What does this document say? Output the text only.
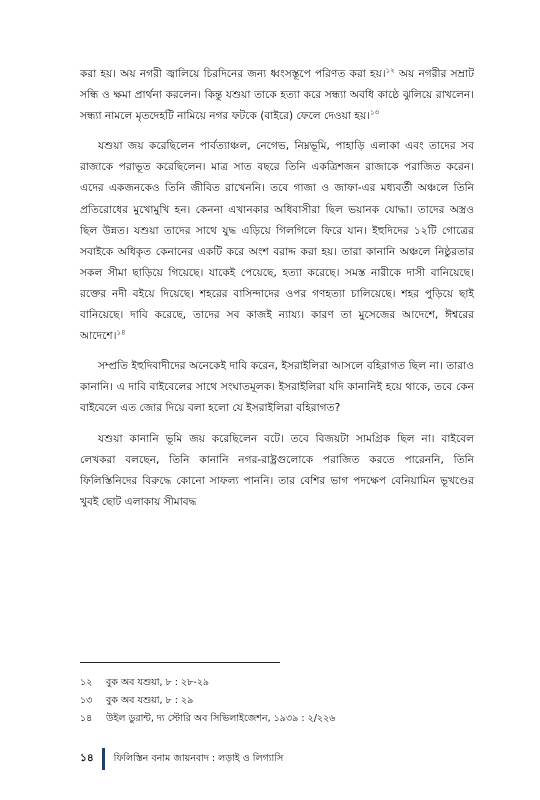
করা হয়। অয় নগরী জ্বালিয়ে চিরদিনের জন্য ধ্বংসস্তূপে পরিণত করা হয়।$^{১২}$ অয় নগরীর সম্রাট সন্ধি ও ক্ষমা প্রার্থনা করলেন। কিন্তু যশুয়া তাকে হত্যা করে সন্ধ্যা অবধি কাষ্ঠে ঝুলিয়ে রাখলেন। সন্ধ্যা নামলে মৃতদেহটি নামিয়ে নগর ফটকে (বাইরে) ফেলে দেওয়া হয়।$^{১৩}$

যশুয়া জয় করেছিলেন পার্বত্যাঞ্চল, নেগেভ, নিম্নভূমি, পাহাড়ি এলাকা এবং তাদের সব রাজাকে পরাভূত করেছিলেন। মাত্র সাত বছরে তিনি একত্রিশজন রাজাকে পরাজিত করেন। এদের একজনকেও তিনি জীবিত রাখেননি। তবে গাজা ও জাফা-এর মধ্যবর্তী অঞ্চলে তিনি প্রতিরোধের মুখোমুখি হন। কেননা এখানকার অধিবাসীরা ছিল ভয়ানক যোদ্ধা। তাদের অস্ত্রও ছিল উন্নত। যশুয়া তাদের সাথে যুদ্ধ এড়িয়ে গিলগিলে ফিরে যান। ইহুদিদের ১২টি গোত্রের সবাইকে অধিকৃত কেনানের একটি করে অংশ বরাদ্দ করা হয়। তারা কানানি অঞ্চলে নিষ্ঠুরতার সকল সীমা ছাড়িয়ে গিয়েছে। যাকেই পেয়েছে, হত্যা করেছে। সমস্ত নারীকে দাসী বানিয়েছে। রক্তের নদী বইয়ে দিয়েছে। শহরের বাসিন্দাদের ওপর গণহত্যা চালিয়েছে। শহর পুড়িয়ে ছাই বানিয়েছে। দাবি করেছে, তাদের সব কাজই ন্যায্য। কারণ তা মুসেজের আদেশে, ঈশ্বরের আদেশে।$^{১৪}$

সম্প্রতি ইহুদিবাদীদের অনেকেই দাবি করেন, ইসরাইলিরা আসলে বহিরাগত ছিল না। তারাও কানানি। এ দাবি বাইবেলের সাথে সংঘাতমূলক। ইসরাইলিরা যদি কানানিই হয়ে থাকে, তবে কেন বাইবেলে এত জোর দিয়ে বলা হলো যে ইসরাইলিরা বহিরাগত?

যশুয়া কানানি ভূমি জয় করেছিলেন বটে। তবে বিজয়টা সামগ্রিক ছিল না। বাইবেল লেখকরা বলছেন, তিনি কানানি নগর-রাষ্ট্রগুলোকে পরাজিত করতে পারেননি, তিনি ফিলিস্তিনিদের বিরুদ্ধে কোনো সাফল্য পাননি। তার বেশির ভাগ পদক্ষেপ বেনিয়ামিন ভূখণ্ডের খুবই ছোট এলাকায় সীমাবদ্ধ

১২	বুক অব যশুয়া, ৮ : ২৮-২৯
১৩	বুক অব যশুয়া, ৮ : ২৯
১৪	উইল ডুরান্ট, দ্য স্টোরি অব সিভিলাইজেশন, ১৯৩৯ : ২/২২৬
১৪	ফিলিস্তিন বনাম জায়নবাদ : লড়াই ও লিগ্যাসি
